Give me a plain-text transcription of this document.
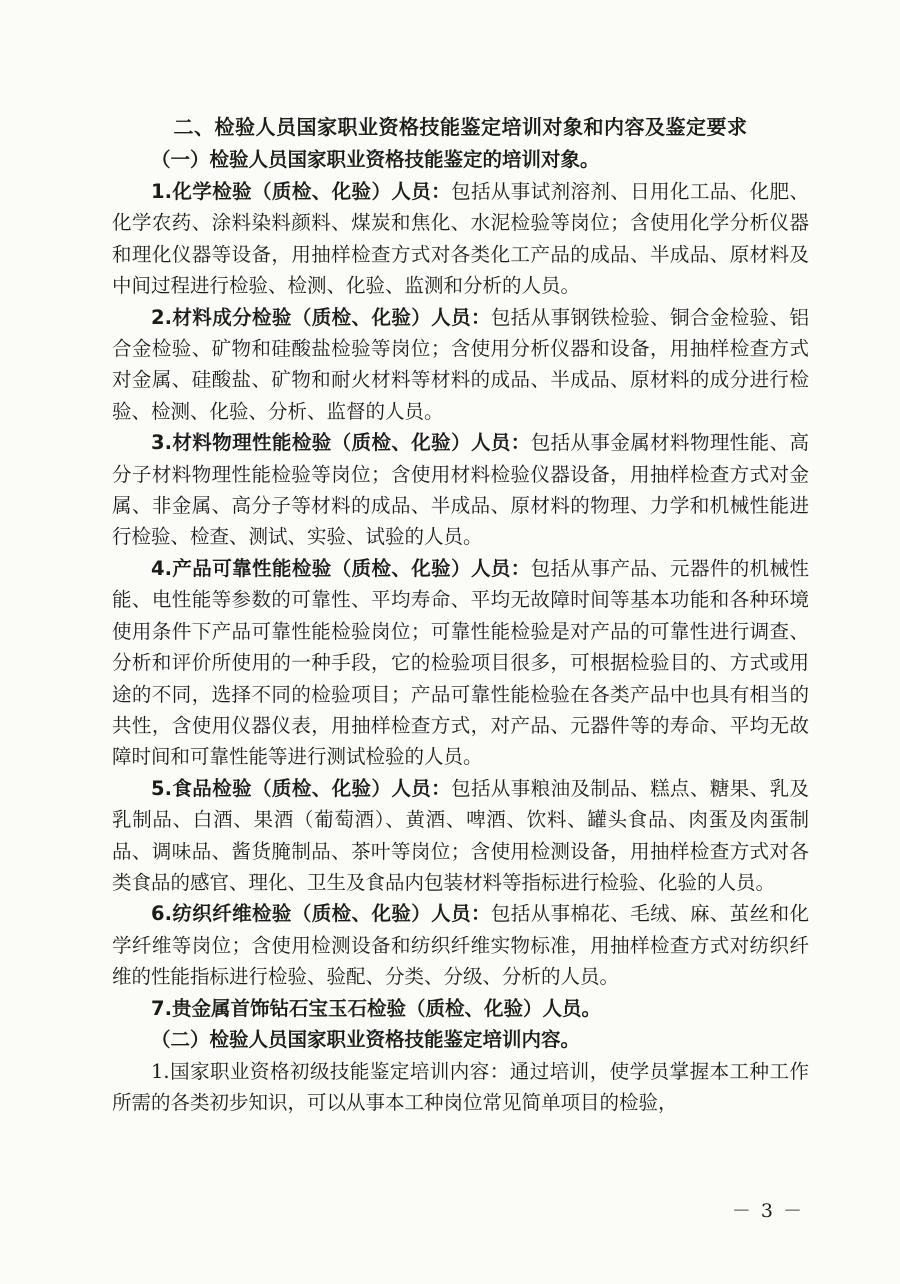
二、检验人员国家职业资格技能鉴定培训对象和内容及鉴定要求
（一）检验人员国家职业资格技能鉴定的培训对象。

1.化学检验（质检、化验）人员：包括从事试剂溶剂、日用化工品、化肥、化学农药、涂料染料颜料、煤炭和焦化、水泥检验等岗位；含使用化学分析仪器和理化仪器等设备，用抽样检查方式对各类化工产品的成品、半成品、原材料及中间过程进行检验、检测、化验、监测和分析的人员。

2.材料成分检验（质检、化验）人员：包括从事钢铁检验、铜合金检验、铝合金检验、矿物和硅酸盐检验等岗位；含使用分析仪器和设备，用抽样检查方式对金属、硅酸盐、矿物和耐火材料等材料的成品、半成品、原材料的成分进行检验、检测、化验、分析、监督的人员。

3.材料物理性能检验（质检、化验）人员：包括从事金属材料物理性能、高分子材料物理性能检验等岗位；含使用材料检验仪器设备，用抽样检查方式对金属、非金属、高分子等材料的成品、半成品、原材料的物理、力学和机械性能进行检验、检查、测试、实验、试验的人员。

4.产品可靠性能检验（质检、化验）人员：包括从事产品、元器件的机械性能、电性能等参数的可靠性、平均寿命、平均无故障时间等基本功能和各种环境使用条件下产品可靠性能检验岗位；可靠性能检验是对产品的可靠性进行调查、分析和评价所使用的一种手段，它的检验项目很多，可根据检验目的、方式或用途的不同，选择不同的检验项目；产品可靠性能检验在各类产品中也具有相当的共性，含使用仪器仪表，用抽样检查方式，对产品、元器件等的寿命、平均无故障时间和可靠性能等进行测试检验的人员。

5.食品检验（质检、化验）人员：包括从事粮油及制品、糕点、糖果、乳及乳制品、白酒、果酒（葡萄酒）、黄酒、啤酒、饮料、罐头食品、肉蛋及肉蛋制品、调味品、酱货腌制品、茶叶等岗位；含使用检测设备，用抽样检查方式对各类食品的感官、理化、卫生及食品内包装材料等指标进行检验、化验的人员。

6.纺织纤维检验（质检、化验）人员：包括从事棉花、毛绒、麻、茧丝和化学纤维等岗位；含使用检测设备和纺织纤维实物标准，用抽样检查方式对纺织纤维的性能指标进行检验、验配、分类、分级、分析的人员。

7.贵金属首饰钻石宝玉石检验（质检、化验）人员。

（二）检验人员国家职业资格技能鉴定培训内容。

1.国家职业资格初级技能鉴定培训内容：通过培训，使学员掌握本工种工作所需的各类初步知识，可以从事本工种岗位常见简单项目的检验，

－ 3 －
